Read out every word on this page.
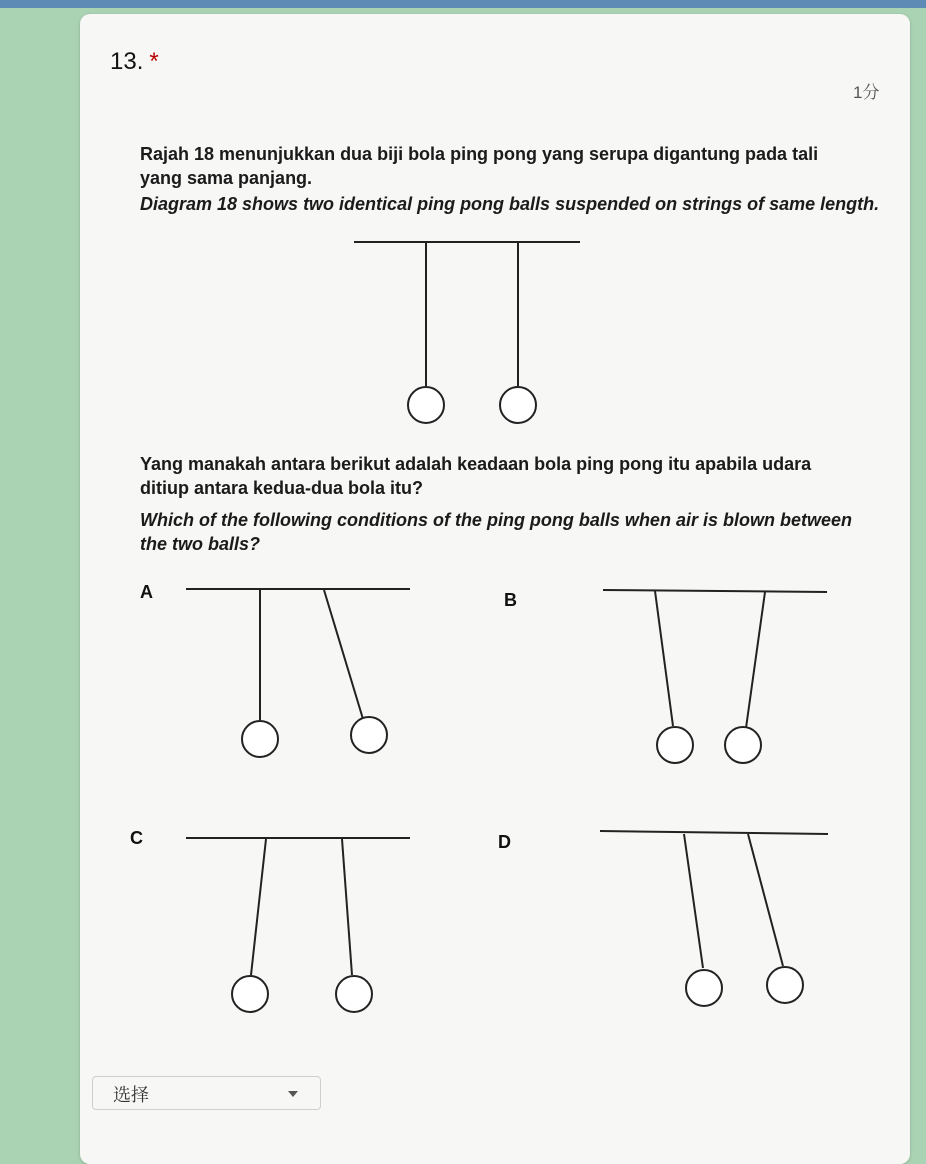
13. *
1分
Rajah 18 menunjukkan dua biji bola ping pong yang serupa digantung pada tali yang sama panjang.
Diagram 18 shows two identical ping pong balls suspended on strings of same length.
Yang manakah antara berikut adalah keadaan bola ping pong itu apabila udara ditiup antara kedua-dua bola itu?
Which of the following conditions of the ping pong balls when air is blown between the two balls?
A	B
C	D
选择
